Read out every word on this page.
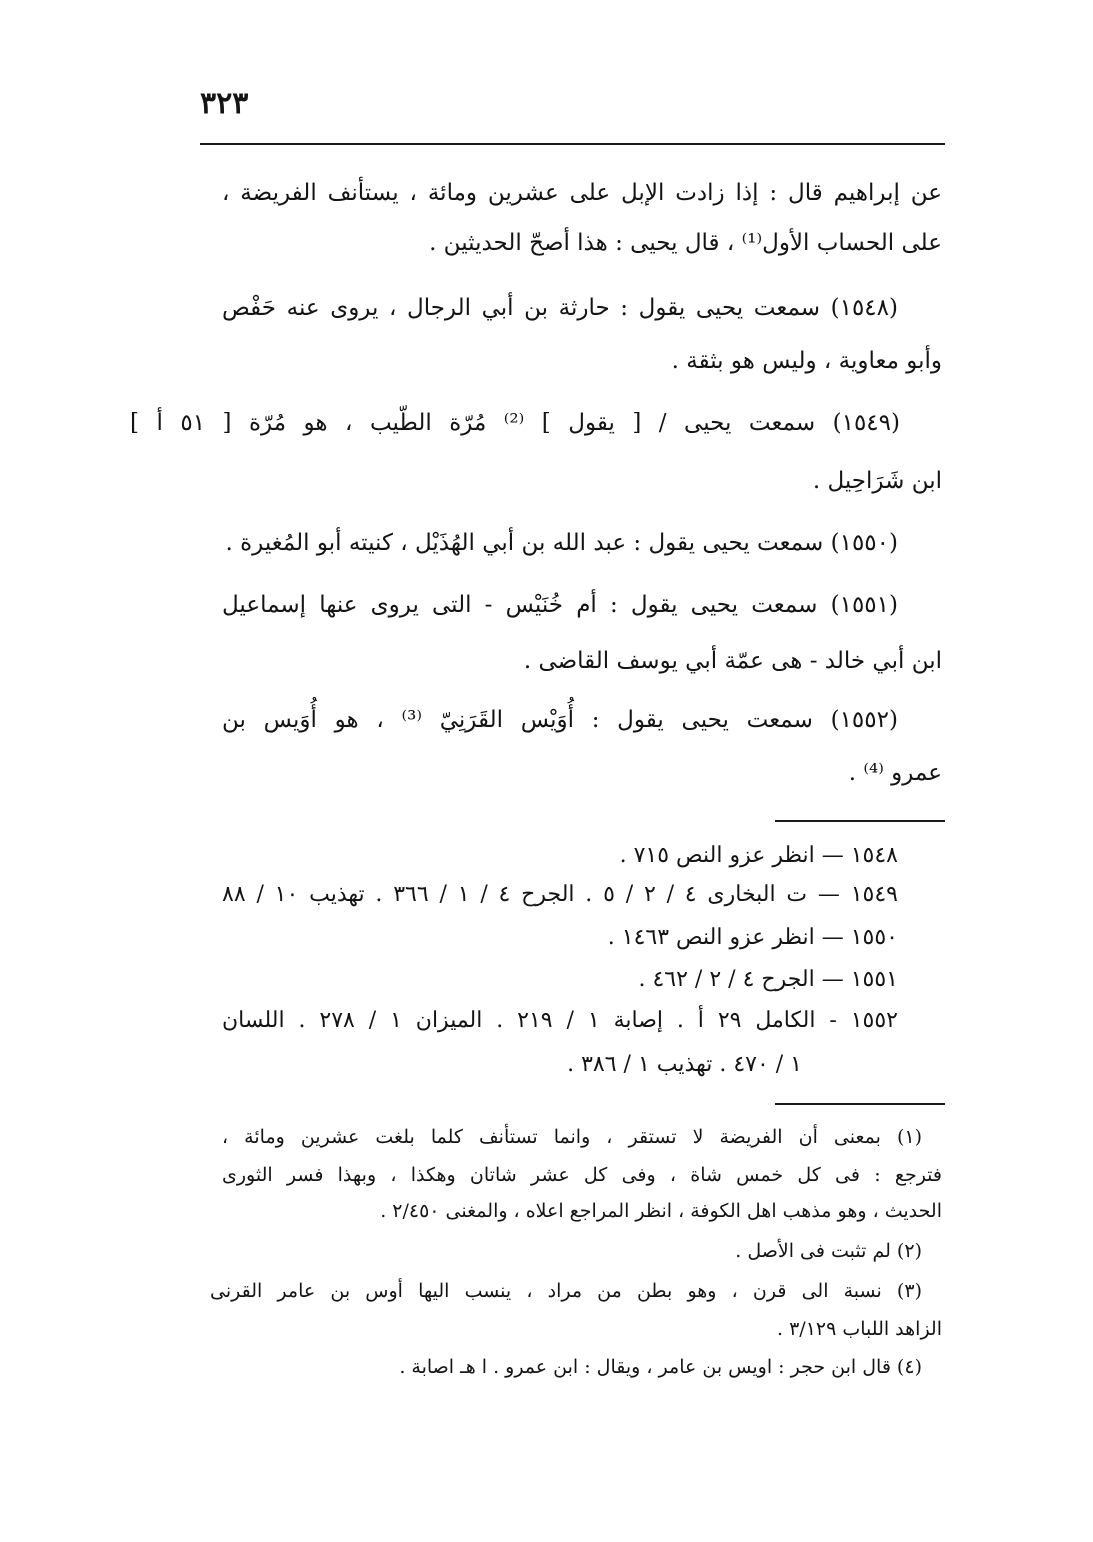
٣٢٣
عن إبراهيم قال : إذا زادت الإبل على عشرين ومائة ، يستأنف الفريضة ،
على الحساب الأول⁽¹⁾ ، قال يحيى : هذا أصحّ الحديثين .
(١٥٤٨) سمعت يحيى يقول : حارثة بن أبي الرجال ، يروى عنه حَفْص
وأبو معاوية ، وليس هو بثقة .
(١٥٤٩) سمعت يحيى / [ يقول ] ⁽²⁾ مُرّة الطّيب ، هو مُرّة [ ٥١ أ ]
ابن شَرَاحِيل .
(١٥٥٠) سمعت يحيى يقول : عبد الله بن أبي الهُذَيْل ، كنيته أبو المُغيرة .
(١٥٥١) سمعت يحيى يقول : أم خُنَيْس - التى يروى عنها إسماعيل
ابن أبي خالد - هى عمّة أبي يوسف القاضى .
(١٥٥٢) سمعت يحيى يقول : أُوَيْس القَرَنِيّ ⁽³⁾ ، هو أُوَيس بن
عمرو ⁽⁴⁾ .
١٥٤٨ — انظر عزو النص ٧١٥ .
١٥٤٩ — ت البخارى ٤ / ٢ / ٥ . الجرح ٤ / ١ / ٣٦٦ . تهذيب ١٠ / ٨٨
١٥٥٠ — انظر عزو النص ١٤٦٣ .
١٥٥١ — الجرح ٤ / ٢ / ٤٦٢ .
١٥٥٢ - الكامل ٢٩ أ . إصابة ١ / ٢١٩ . الميزان ١ / ٢٧٨ . اللسان
١ / ٤٧٠ . تهذيب ١ / ٣٨٦ .
(١) بمعنى أن الفريضة لا تستقر ، وانما تستأنف كلما بلغت عشرين ومائة ،
فترجع : فى كل خمس شاة ، وفى كل عشر شاتان وهكذا ، وبهذا فسر الثورى
الحديث ، وهو مذهب اهل الكوفة ، انظر المراجع اعلاه ، والمغنى ٢/٤٥٠ .
(٢) لم تثبت فى الأصل .
(٣) نسبة الى قرن ، وهو بطن من مراد ، ينسب اليها أوس بن عامر القرنى
الزاهد اللباب ٣/١٢٩ .
(٤) قال ابن حجر : اويس بن عامر ، ويقال : ابن عمرو . ا هـ اصابة .
